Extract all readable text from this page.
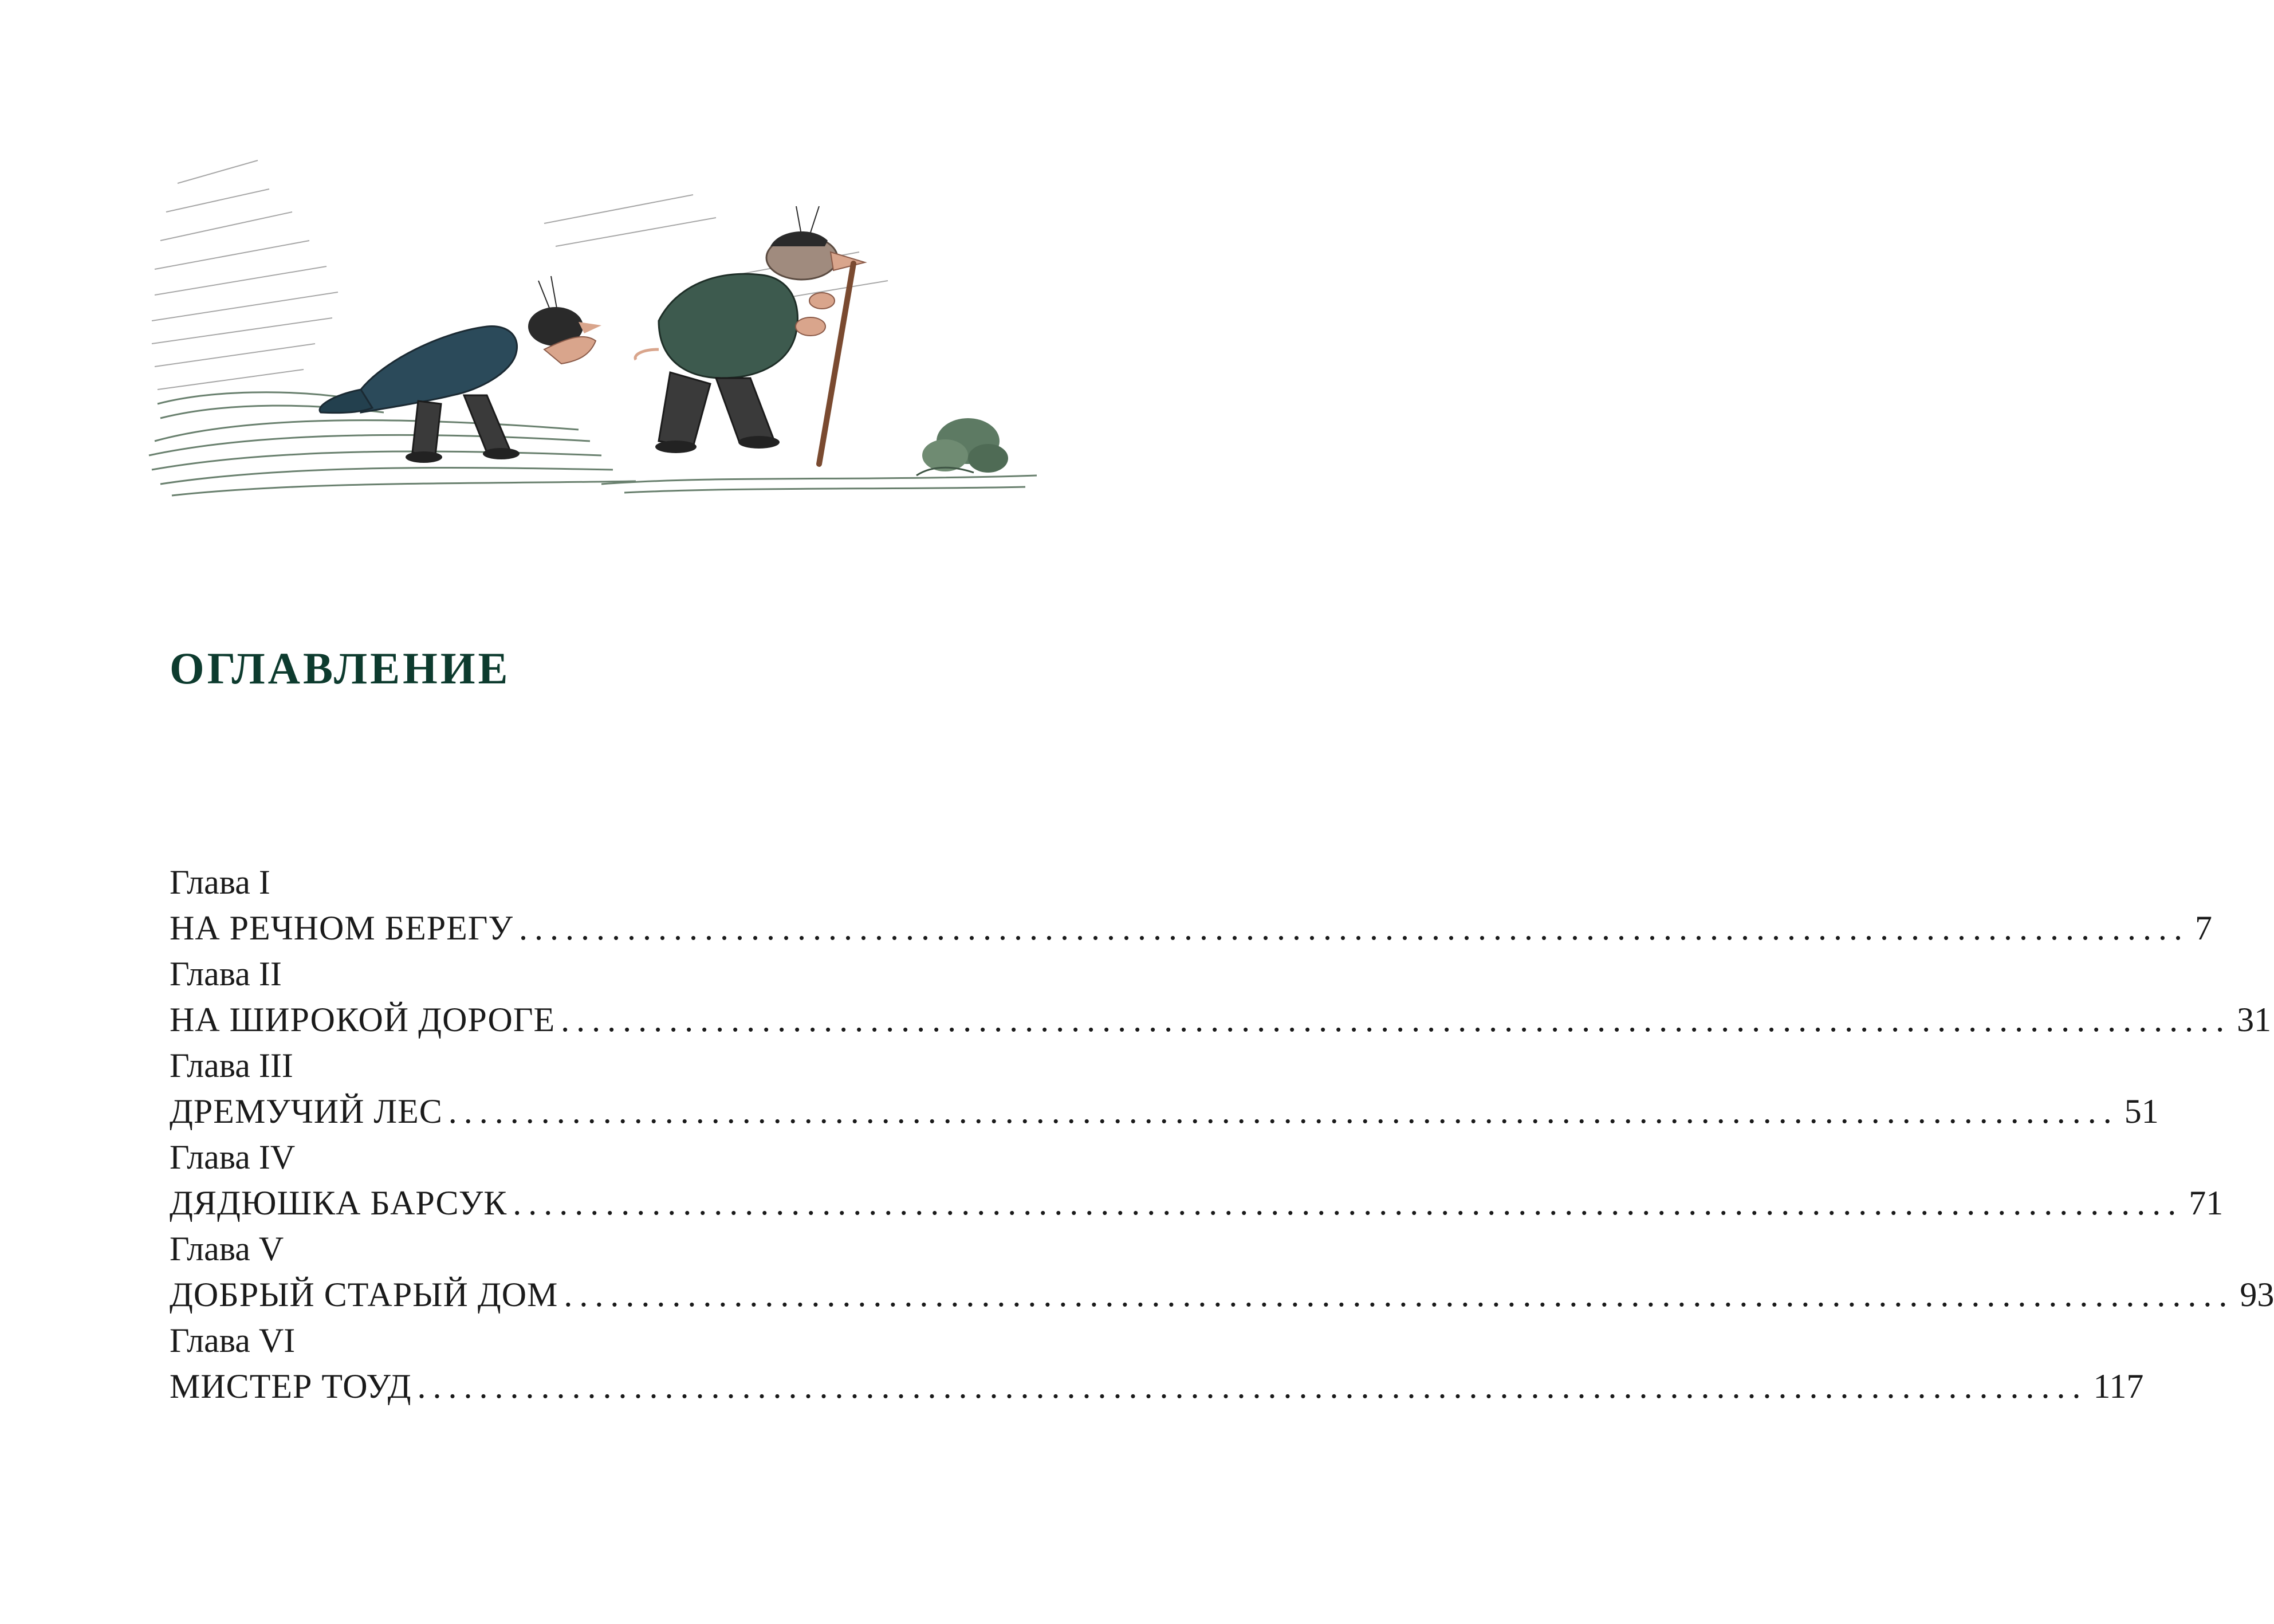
ОГЛАВЛЕНИЕ
Глава I
НА РЕЧНОМ БЕРЕГУ ............................................................................................................ 7
Глава II
НА ШИРОКОЙ ДОРОГЕ ............................................................................................................ 31
Глава III
ДРЕМУЧИЙ ЛЕС ............................................................................................................ 51
Глава IV
ДЯДЮШКА БАРСУК ............................................................................................................ 71
Глава V
ДОБРЫЙ СТАРЫЙ ДОМ ............................................................................................................ 93
Глава VI
МИСТЕР ТОУД ............................................................................................................ 117
